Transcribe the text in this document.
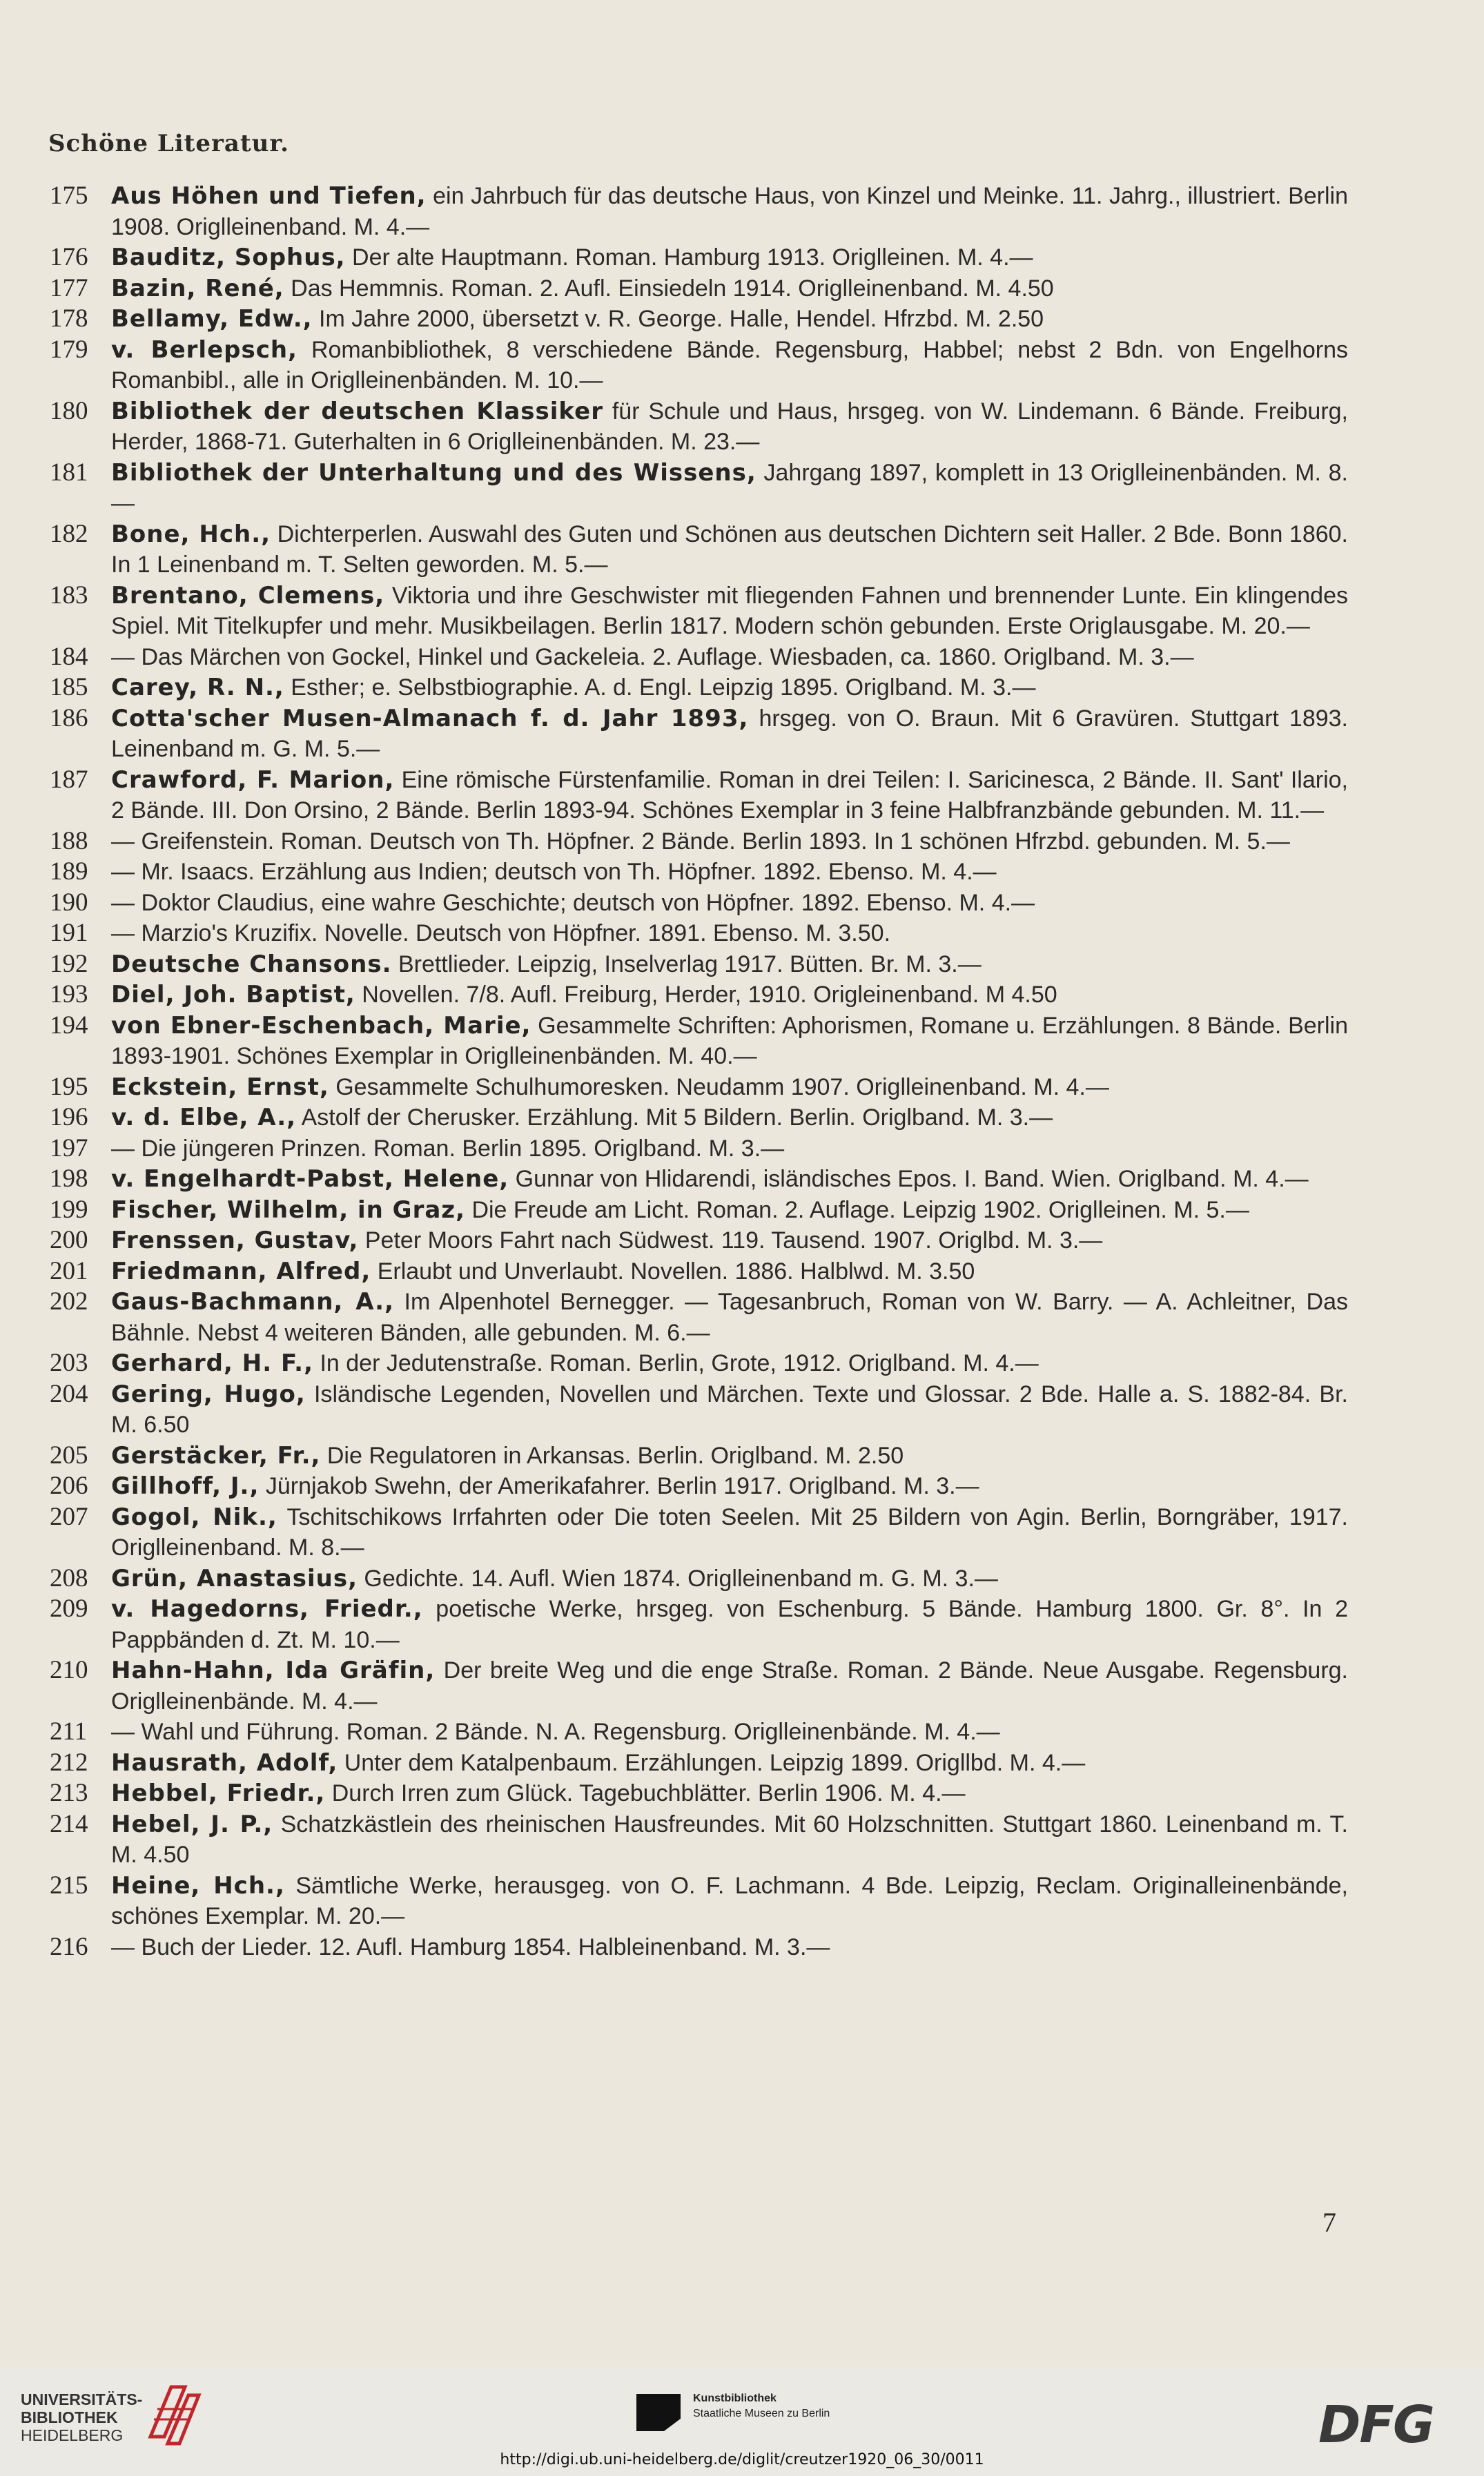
Schöne Literatur.
175 Aus Höhen und Tiefen, ein Jahrbuch für das deutsche Haus, von Kinzel und Meinke. 11. Jahrg., illustriert. Berlin 1908. Origlleinenband. M. 4.—
176 Bauditz, Sophus, Der alte Hauptmann. Roman. Hamburg 1913. Origlleinen. M. 4.—
177 Bazin, René, Das Hemmnis. Roman. 2. Aufl. Einsiedeln 1914. Origlleinenband. M. 4.50
178 Bellamy, Edw., Im Jahre 2000, übersetzt v. R. George. Halle, Hendel. Hfrzbd. M. 2.50
179 v. Berlepsch, Romanbibliothek, 8 verschiedene Bände. Regensburg, Habbel; nebst 2 Bdn. von Engelhorns Romanbibl., alle in Origlleinenbänden. M. 10.—
180 Bibliothek der deutschen Klassiker für Schule und Haus, hrsgeg. von W. Lindemann. 6 Bände. Freiburg, Herder, 1868-71. Guterhalten in 6 Origlleinenbänden. M. 23.—
181 Bibliothek der Unterhaltung und des Wissens, Jahrgang 1897, komplett in 13 Origlleinenbänden. M. 8.—
182 Bone, Hch., Dichterperlen. Auswahl des Guten und Schönen aus deutschen Dichtern seit Haller. 2 Bde. Bonn 1860. In 1 Leinenband m. T. Selten geworden. M. 5.—
183 Brentano, Clemens, Viktoria und ihre Geschwister mit fliegenden Fahnen und brennender Lunte. Ein klingendes Spiel. Mit Titelkupfer und mehr. Musikbeilagen. Berlin 1817. Modern schön gebunden. Erste Origlausgabe. M. 20.—
184 — Das Märchen von Gockel, Hinkel und Gackeleia. 2. Auflage. Wiesbaden, ca. 1860. Origlband. M. 3.—
185 Carey, R. N., Esther; e. Selbstbiographie. A. d. Engl. Leipzig 1895. Origlband. M. 3.—
186 Cotta'scher Musen-Almanach f. d. Jahr 1893, hrsgeg. von O. Braun. Mit 6 Gravüren. Stuttgart 1893. Leinenband m. G. M. 5.—
187 Crawford, F. Marion, Eine römische Fürstenfamilie. Roman in drei Teilen: I. Saricinesca, 2 Bände. II. Sant' Ilario, 2 Bände. III. Don Orsino, 2 Bände. Berlin 1893-94. Schönes Exemplar in 3 feine Halbfranzbände gebunden. M. 11.—
188 — Greifenstein. Roman. Deutsch von Th. Höpfner. 2 Bände. Berlin 1893. In 1 schönen Hfrzbd. gebunden. M. 5.—
189 — Mr. Isaacs. Erzählung aus Indien; deutsch von Th. Höpfner. 1892. Ebenso. M. 4.—
190 — Doktor Claudius, eine wahre Geschichte; deutsch von Höpfner. 1892. Ebenso. M. 4.—
191 — Marzio's Kruzifix. Novelle. Deutsch von Höpfner. 1891. Ebenso. M. 3.50.
192 Deutsche Chansons. Brettlieder. Leipzig, Inselverlag 1917. Bütten. Br. M. 3.—
193 Diel, Joh. Baptist, Novellen. 7/8. Aufl. Freiburg, Herder, 1910. Origleinenband. M 4.50
194 von Ebner-Eschenbach, Marie, Gesammelte Schriften: Aphorismen, Romane u. Erzählungen. 8 Bände. Berlin 1893-1901. Schönes Exemplar in Origlleinenbänden. M. 40.—
195 Eckstein, Ernst, Gesammelte Schulhumoresken. Neudamm 1907. Origlleinenband. M. 4.—
196 v. d. Elbe, A., Astolf der Cherusker. Erzählung. Mit 5 Bildern. Berlin. Origlband. M. 3.—
197 — Die jüngeren Prinzen. Roman. Berlin 1895. Origlband. M. 3.—
198 v. Engelhardt-Pabst, Helene, Gunnar von Hlidarendi, isländisches Epos. I. Band. Wien. Origlband. M. 4.—
199 Fischer, Wilhelm, in Graz, Die Freude am Licht. Roman. 2. Auflage. Leipzig 1902. Origlleinen. M. 5.—
200 Frenssen, Gustav, Peter Moors Fahrt nach Südwest. 119. Tausend. 1907. Origlbd. M. 3.—
201 Friedmann, Alfred, Erlaubt und Unverlaubt. Novellen. 1886. Halblwd. M. 3.50
202 Gaus-Bachmann, A., Im Alpenhotel Bernegger. — Tagesanbruch, Roman von W. Barry. — A. Achleitner, Das Bähnle. Nebst 4 weiteren Bänden, alle gebunden. M. 6.—
203 Gerhard, H. F., In der Jedutenstraße. Roman. Berlin, Grote, 1912. Origlband. M. 4.—
204 Gering, Hugo, Isländische Legenden, Novellen und Märchen. Texte und Glossar. 2 Bde. Halle a. S. 1882-84. Br. M. 6.50
205 Gerstäcker, Fr., Die Regulatoren in Arkansas. Berlin. Origlband. M. 2.50
206 Gillhoff, J., Jürnjakob Swehn, der Amerikafahrer. Berlin 1917. Origlband. M. 3.—
207 Gogol, Nik., Tschitschikows Irrfahrten oder Die toten Seelen. Mit 25 Bildern von Agin. Berlin, Borngräber, 1917. Origlleinenband. M. 8.—
208 Grün, Anastasius, Gedichte. 14. Aufl. Wien 1874. Origlleinenband m. G. M. 3.—
209 v. Hagedorns, Friedr., poetische Werke, hrsgeg. von Eschenburg. 5 Bände. Hamburg 1800. Gr. 8°. In 2 Pappbänden d. Zt. M. 10.—
210 Hahn-Hahn, Ida Gräfin, Der breite Weg und die enge Straße. Roman. 2 Bände. Neue Ausgabe. Regensburg. Origlleinenbände. M. 4.—
211	— Wahl und Führung. Roman. 2 Bände. N. A. Regensburg. Origlleinenbände. M. 4.—
212 Hausrath, Adolf, Unter dem Katalpenbaum. Erzählungen. Leipzig 1899. Origllbd. M. 4.—
213 Hebbel, Friedr., Durch Irren zum Glück. Tagebuchblätter. Berlin 1906. M. 4.—
214 Hebel, J. P., Schatzkästlein des rheinischen Hausfreundes. Mit 60 Holzschnitten. Stuttgart 1860. Leinenband m. T. M. 4.50
215 Heine, Hch., Sämtliche Werke, herausgeg. von O. F. Lachmann. 4 Bde. Leipzig, Reclam. Originalleinenbände, schönes Exemplar. M. 20.—
216 — Buch der Lieder. 12. Aufl. Hamburg 1854. Halbleinenband. M. 3.—
7
UNIVERSITÄTS-
BIBLIOTHEK
HEIDELBERG
Kunstbibliothek
Staatliche Museen zu Berlin	DFG
http://digi.ub.uni-heidelberg.de/diglit/creutzer1920_06_30/0011
